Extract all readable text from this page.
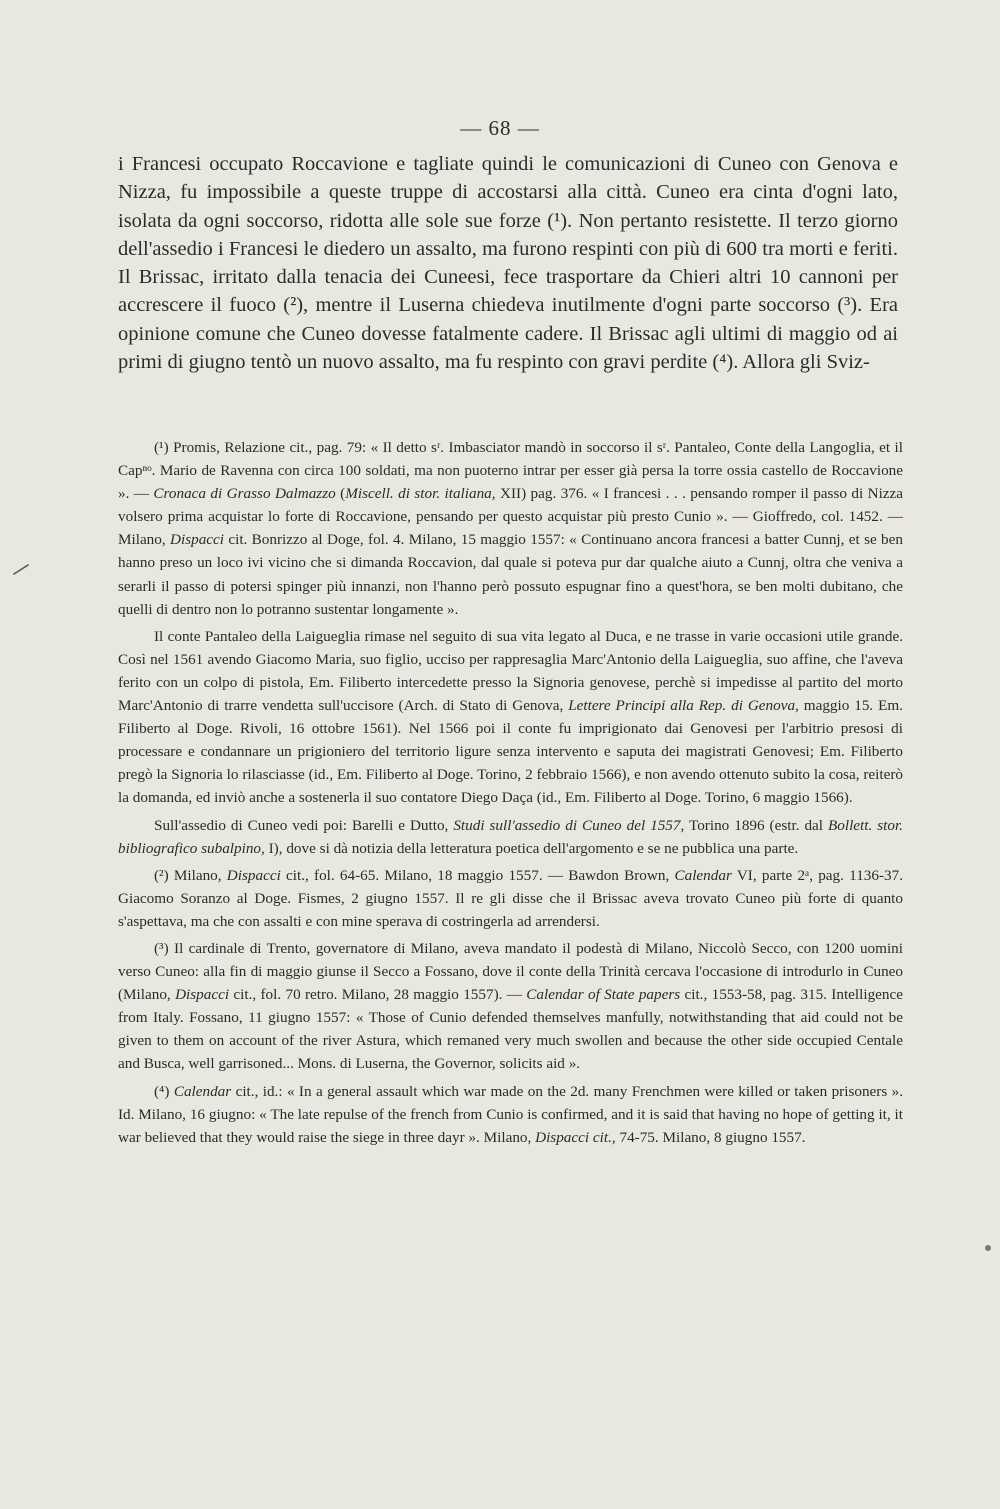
— 68 —

i Francesi occupato Roccavione e tagliate quindi le comunicazioni di Cuneo con Genova e Nizza, fu impossibile a queste truppe di accostarsi alla città. Cuneo era cinta d'ogni lato, isolata da ogni soccorso, ridotta alle sole sue forze (¹). Non pertanto resistette. Il terzo giorno dell'assedio i Francesi le diedero un assalto, ma furono respinti con più di 600 tra morti e feriti. Il Brissac, irritato dalla tenacia dei Cuneesi, fece trasportare da Chieri altri 10 cannoni per accrescere il fuoco (²), mentre il Luserna chiedeva inutilmente d'ogni parte soccorso (³). Era opinione comune che Cuneo dovesse fatalmente cadere. Il Brissac agli ultimi di maggio od ai primi di giugno tentò un nuovo assalto, ma fu respinto con gravi perdite (⁴). Allora gli Sviz-

(¹) Promis, Relazione cit., pag. 79: « Il detto sʳ. Imbasciator mandò in soccorso il sʳ. Pantaleo, Conte della Langoglia, et il Capⁿᵒ. Mario de Ravenna con circa 100 soldati, ma non puoterno intrar per esser già persa la torre ossia castello de Roccavione ». — Cronaca di Grasso Dalmazzo (Miscell. di stor. italiana, XII) pag. 376. « I francesi . . . pensando romper il passo di Nizza volsero prima acquistar lo forte di Roccavione, pensando per questo acquistar più presto Cunio ». — Gioffredo, col. 1452. — Milano, Dispacci cit. Bonrizzo al Doge, fol. 4. Milano, 15 maggio 1557: « Continuano ancora francesi a batter Cunnj, et se ben hanno preso un loco ivi vicino che si dimanda Roccavion, dal quale si poteva pur dar qualche aiuto a Cunnj, oltra che veniva a serarli il passo di potersi spinger più innanzi, non l'hanno però possuto espugnar fino a quest'hora, se ben molti dubitano, che quelli di dentro non lo potranno sustentar longamente ».

Il conte Pantaleo della Laigueglia rimase nel seguito di sua vita legato al Duca, e ne trasse in varie occasioni utile grande. Così nel 1561 avendo Giacomo Maria, suo figlio, ucciso per rappresaglia Marc'Antonio della Laigueglia, suo affine, che l'aveva ferito con un colpo di pistola, Em. Filiberto intercedette presso la Signoria genovese, perchè si impedisse al partito del morto Marc'Antonio di trarre vendetta sull'uccisore (Arch. di Stato di Genova, Lettere Principi alla Rep. di Genova, maggio 15. Em. Filiberto al Doge. Rivoli, 16 ottobre 1561). Nel 1566 poi il conte fu imprigionato dai Genovesi per l'arbitrio presosi di processare e condannare un prigioniero del territorio ligure senza intervento e saputa dei magistrati Genovesi; Em. Filiberto pregò la Signoria lo rilasciasse (id., Em. Filiberto al Doge. Torino, 2 febbraio 1566), e non avendo ottenuto subito la cosa, reiterò la domanda, ed inviò anche a sostenerla il suo contatore Diego Daça (id., Em. Filiberto al Doge. Torino, 6 maggio 1566).

Sull'assedio di Cuneo vedi poi: Barelli e Dutto, Studi sull'assedio di Cuneo del 1557, Torino 1896 (estr. dal Bollett. stor. bibliografico subalpino, I), dove si dà notizia della letteratura poetica dell'argomento e se ne pubblica una parte.

(²) Milano, Dispacci cit., fol. 64-65. Milano, 18 maggio 1557. — Bawdon Brown, Calendar VI, parte 2ᵃ, pag. 1136-37. Giacomo Soranzo al Doge. Fismes, 2 giugno 1557. Il re gli disse che il Brissac aveva trovato Cuneo più forte di quanto s'aspettava, ma che con assalti e con mine sperava di costringerla ad arrendersi.

(³) Il cardinale di Trento, governatore di Milano, aveva mandato il podestà di Milano, Niccolò Secco, con 1200 uomini verso Cuneo: alla fin di maggio giunse il Secco a Fossano, dove il conte della Trinità cercava l'occasione di introdurlo in Cuneo (Milano, Dispacci cit., fol. 70 retro. Milano, 28 maggio 1557). — Calendar of State papers cit., 1553-58, pag. 315. Intelligence from Italy. Fossano, 11 giugno 1557: « Those of Cunio defended themselves manfully, notwithstanding that aid could not be given to them on account of the river Astura, which remaned very much swollen and because the other side occupied Centale and Busca, well garrisoned... Mons. di Luserna, the Governor, solicits aid ».

(⁴) Calendar cit., id.: « In a general assault which war made on the 2d. many Frenchmen were killed or taken prisoners ». Id. Milano, 16 giugno: « The late repulse of the french from Cunio is confirmed, and it is said that having no hope of getting it, it war believed that they would raise the siege in three dayr ». Milano, Dispacci cit., 74-75. Milano, 8 giugno 1557.
